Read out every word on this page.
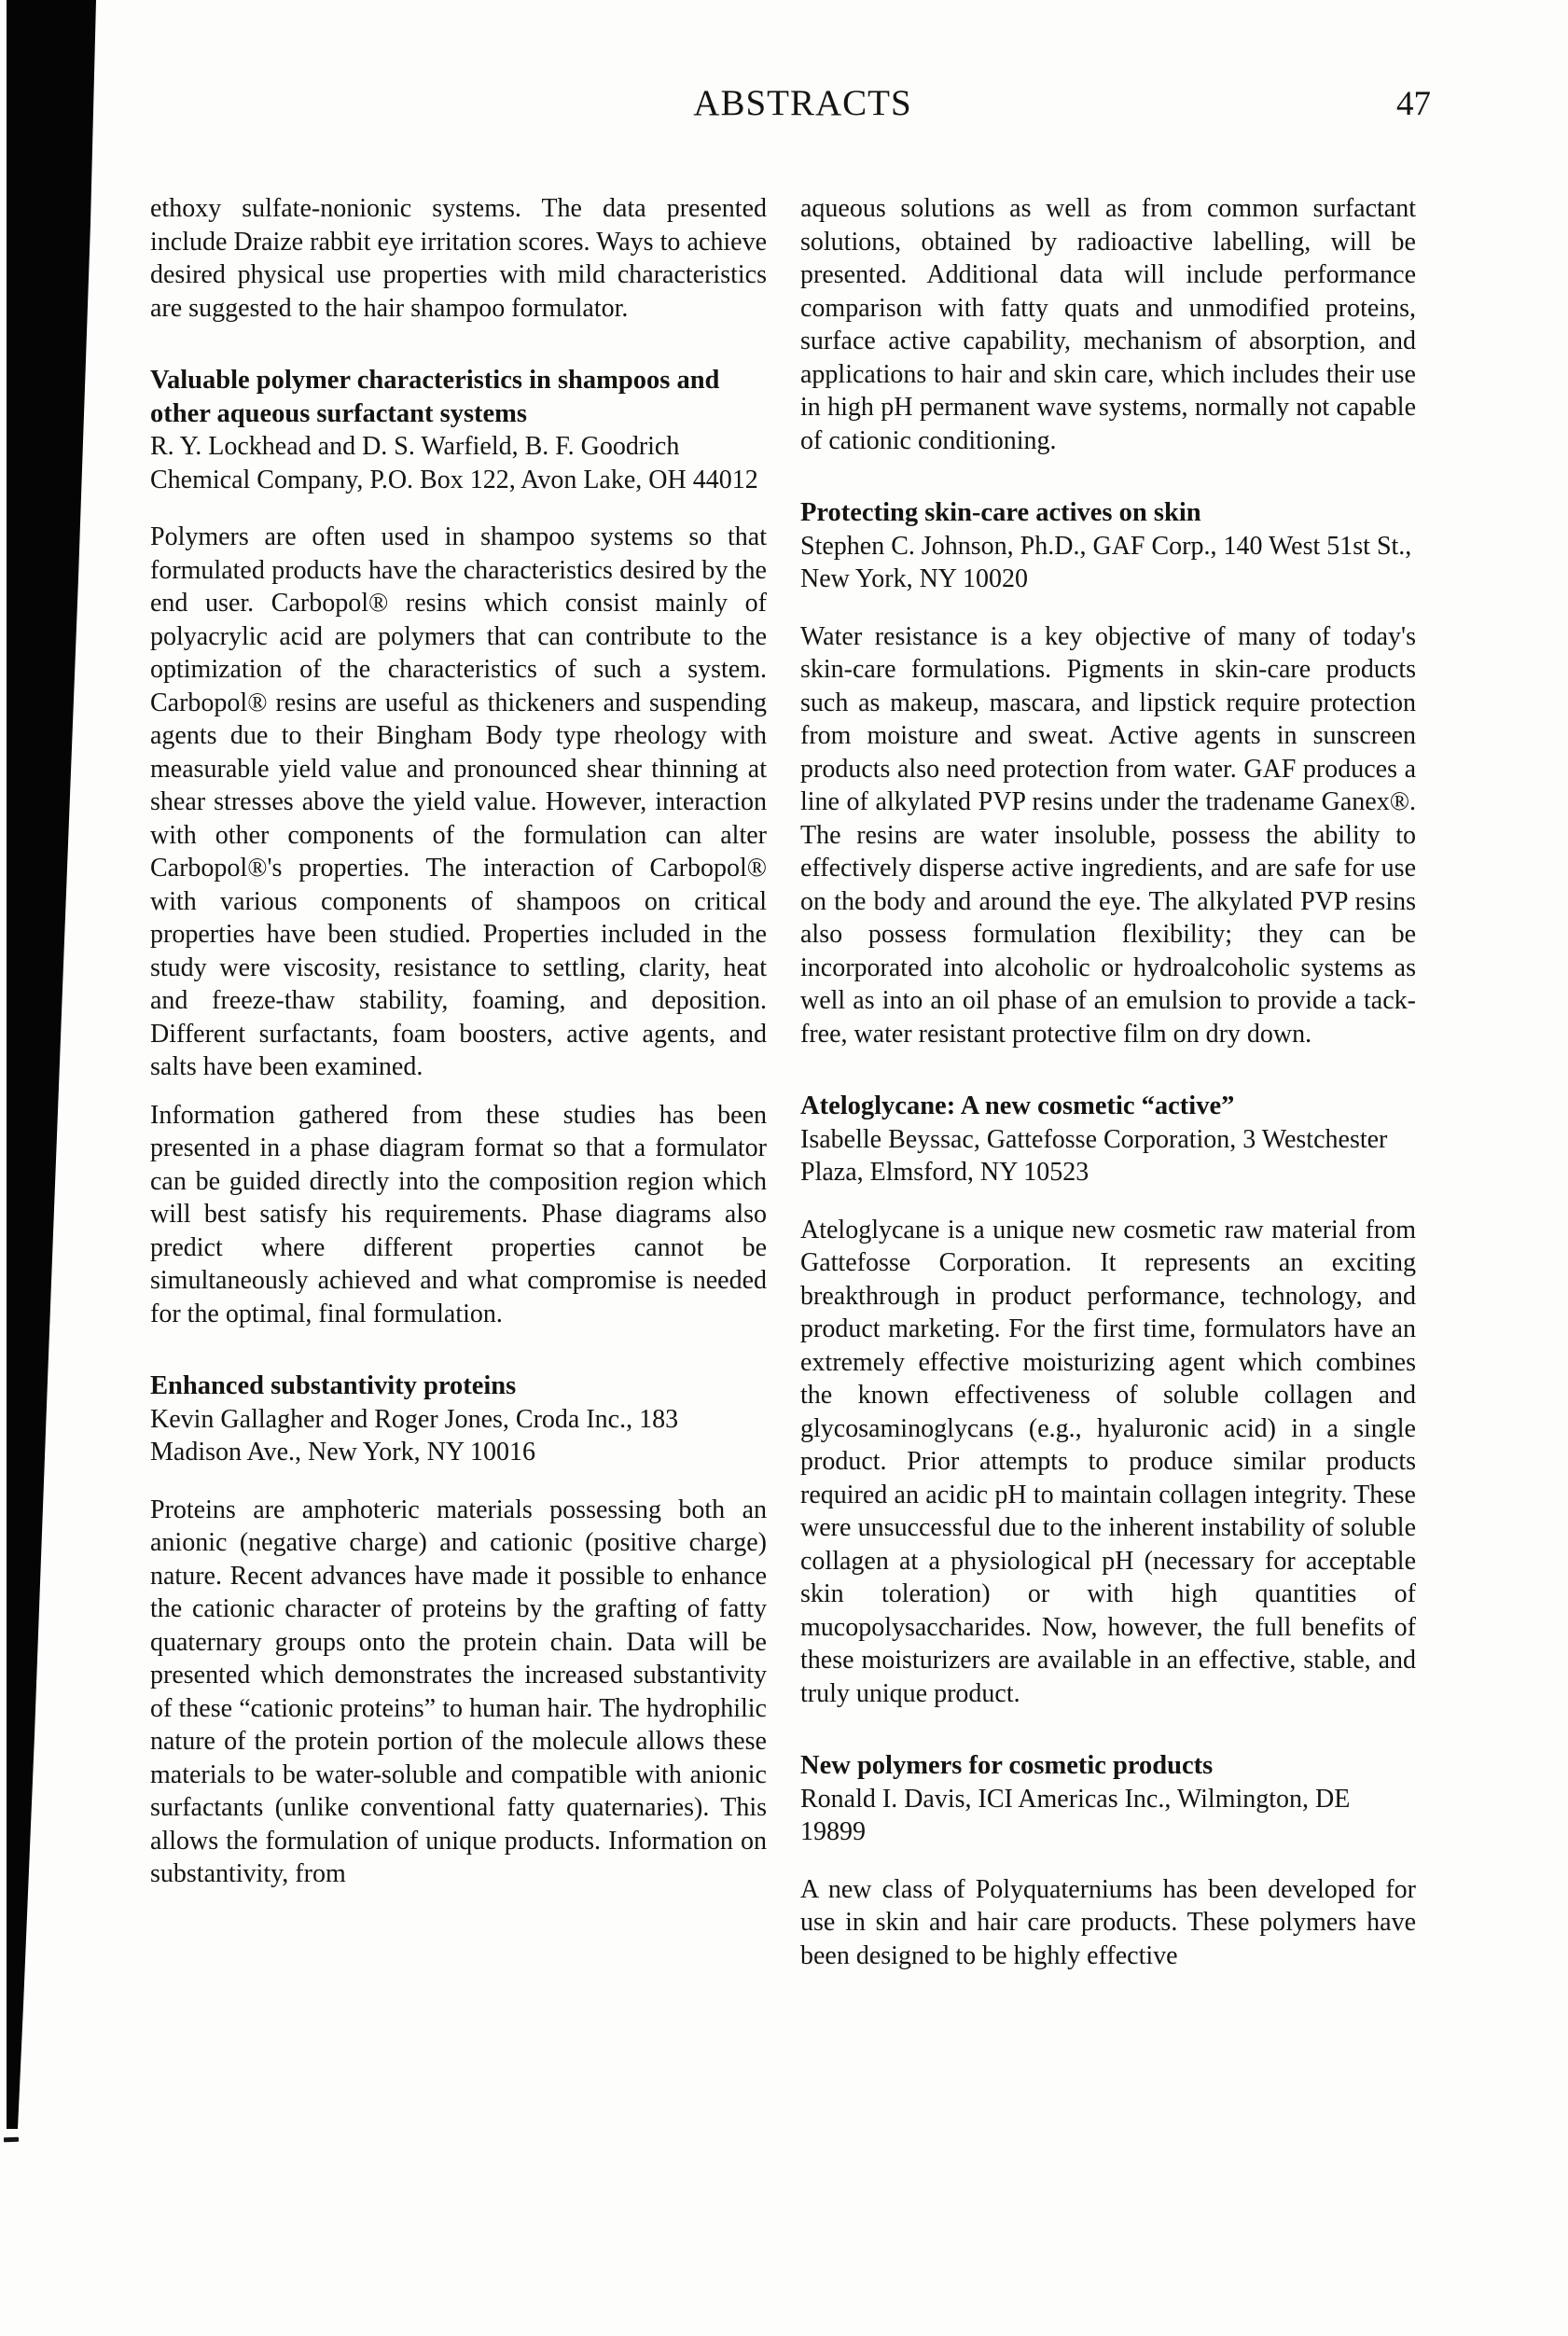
ABSTRACTS	47

ethoxy sulfate-nonionic systems. The data presented include Draize rabbit eye irritation scores. Ways to achieve desired physical use properties with mild characteristics are suggested to the hair shampoo formulator.

Valuable polymer characteristics in shampoos and other aqueous surfactant systems

R. Y. Lockhead and D. S. Warfield, B. F. Goodrich Chemical Company, P.O. Box 122, Avon Lake, OH 44012

Polymers are often used in shampoo systems so that formulated products have the characteristics desired by the end user. Carbopol® resins which consist mainly of polyacrylic acid are polymers that can contribute to the optimization of the characteristics of such a system. Carbopol® resins are useful as thickeners and suspending agents due to their Bingham Body type rheology with measurable yield value and pronounced shear thinning at shear stresses above the yield value. However, interaction with other components of the formulation can alter Carbopol®'s properties. The interaction of Carbopol® with various components of shampoos on critical properties have been studied. Properties included in the study were viscosity, resistance to settling, clarity, heat and freeze-thaw stability, foaming, and deposition. Different surfactants, foam boosters, active agents, and salts have been examined.

Information gathered from these studies has been presented in a phase diagram format so that a formulator can be guided directly into the composition region which will best satisfy his requirements. Phase diagrams also predict where different properties cannot be simultaneously achieved and what compromise is needed for the optimal, final formulation.

Enhanced substantivity proteins

Kevin Gallagher and Roger Jones, Croda Inc., 183 Madison Ave., New York, NY 10016

Proteins are amphoteric materials possessing both an anionic (negative charge) and cationic (positive charge) nature. Recent advances have made it possible to enhance the cationic character of proteins by the grafting of fatty quaternary groups onto the protein chain. Data will be presented which demonstrates the increased substantivity of these “cationic proteins” to human hair. The hydrophilic nature of the protein portion of the molecule allows these materials to be water-soluble and compatible with anionic surfactants (unlike conventional fatty quaternaries). This allows the formulation of unique products. Information on substantivity, from

aqueous solutions as well as from common surfactant solutions, obtained by radioactive labelling, will be presented. Additional data will include performance comparison with fatty quats and unmodified proteins, surface active capability, mechanism of absorption, and applications to hair and skin care, which includes their use in high pH permanent wave systems, normally not capable of cationic conditioning.

Protecting skin-care actives on skin

Stephen C. Johnson, Ph.D., GAF Corp., 140 West 51st St., New York, NY 10020

Water resistance is a key objective of many of today's skin-care formulations. Pigments in skin-care products such as makeup, mascara, and lipstick require protection from moisture and sweat. Active agents in sunscreen products also need protection from water. GAF produces a line of alkylated PVP resins under the tradename Ganex®. The resins are water insoluble, possess the ability to effectively disperse active ingredients, and are safe for use on the body and around the eye. The alkylated PVP resins also possess formulation flexibility; they can be incorporated into alcoholic or hydroalcoholic systems as well as into an oil phase of an emulsion to provide a tack-free, water resistant protective film on dry down.

Ateloglycane: A new cosmetic “active”

Isabelle Beyssac, Gattefosse Corporation, 3 Westchester Plaza, Elmsford, NY 10523

Ateloglycane is a unique new cosmetic raw material from Gattefosse Corporation. It represents an exciting breakthrough in product performance, technology, and product marketing. For the first time, formulators have an extremely effective moisturizing agent which combines the known effectiveness of soluble collagen and glycosaminoglycans (e.g., hyaluronic acid) in a single product. Prior attempts to produce similar products required an acidic pH to maintain collagen integrity. These were unsuccessful due to the inherent instability of soluble collagen at a physiological pH (necessary for acceptable skin toleration) or with high quantities of mucopolysaccharides. Now, however, the full benefits of these moisturizers are available in an effective, stable, and truly unique product.

New polymers for cosmetic products

Ronald I. Davis, ICI Americas Inc., Wilmington, DE 19899

A new class of Polyquaterniums has been developed for use in skin and hair care products. These polymers have been designed to be highly effective
